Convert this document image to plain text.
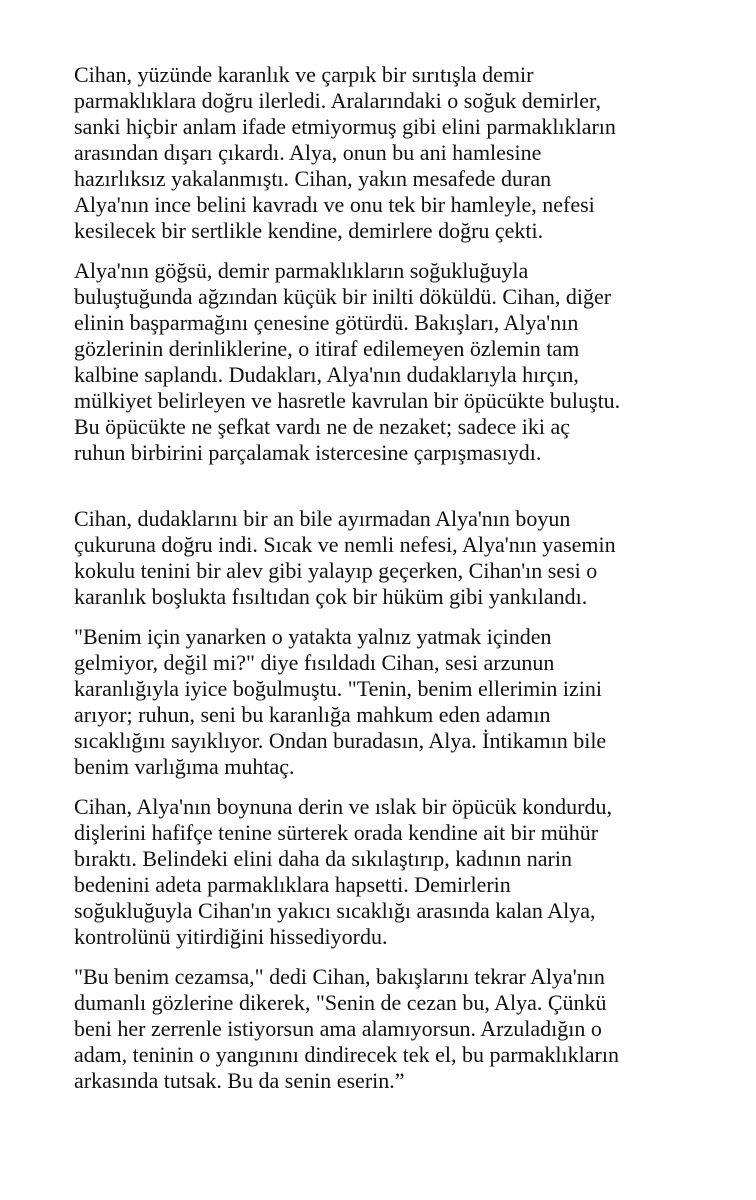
Cihan, yüzünde karanlık ve çarpık bir sırıtışla demir
parmaklıklara doğru ilerledi. Aralarındaki o soğuk demirler,
sanki hiçbir anlam ifade etmiyormuş gibi elini parmaklıkların
arasından dışarı çıkardı. Alya, onun bu ani hamlesine
hazırlıksız yakalanmıştı. Cihan, yakın mesafede duran
Alya'nın ince belini kavradı ve onu tek bir hamleyle, nefesi
kesilecek bir sertlikle kendine, demirlere doğru çekti.

Alya'nın göğsü, demir parmaklıkların soğukluğuyla
buluştuğunda ağzından küçük bir inilti döküldü. Cihan, diğer
elinin başparmağını çenesine götürdü. Bakışları, Alya'nın
gözlerinin derinliklerine, o itiraf edilemeyen özlemin tam
kalbine saplandı. Dudakları, Alya'nın dudaklarıyla hırçın,
mülkiyet belirleyen ve hasretle kavrulan bir öpücükte buluştu.
Bu öpücükte ne şefkat vardı ne de nezaket; sadece iki aç
ruhun birbirini parçalamak istercesine çarpışmasıydı.

Cihan, dudaklarını bir an bile ayırmadan Alya'nın boyun
çukuruna doğru indi. Sıcak ve nemli nefesi, Alya'nın yasemin
kokulu tenini bir alev gibi yalayıp geçerken, Cihan'ın sesi o
karanlık boşlukta fısıltıdan çok bir hüküm gibi yankılandı.

"Benim için yanarken o yatakta yalnız yatmak içinden
gelmiyor, değil mi?" diye fısıldadı Cihan, sesi arzunun
karanlığıyla iyice boğulmuştu. "Tenin, benim ellerimin izini
arıyor; ruhun, seni bu karanlığa mahkum eden adamın
sıcaklığını sayıklıyor. Ondan buradasın, Alya. İntikamın bile
benim varlığıma muhtaç.

Cihan, Alya'nın boynuna derin ve ıslak bir öpücük kondurdu,
dişlerini hafifçe tenine sürterek orada kendine ait bir mühür
bıraktı. Belindeki elini daha da sıkılaştırıp, kadının narin
bedenini adeta parmaklıklara hapsetti. Demirlerin
soğukluğuyla Cihan'ın yakıcı sıcaklığı arasında kalan Alya,
kontrolünü yitirdiğini hissediyordu.

"Bu benim cezamsa," dedi Cihan, bakışlarını tekrar Alya'nın
dumanlı gözlerine dikerek, "Senin de cezan bu, Alya. Çünkü
beni her zerrenle istiyorsun ama alamıyorsun. Arzuladığın o
adam, teninin o yangınını dindirecek tek el, bu parmaklıkların
arkasında tutsak. Bu da senin eserin.”
